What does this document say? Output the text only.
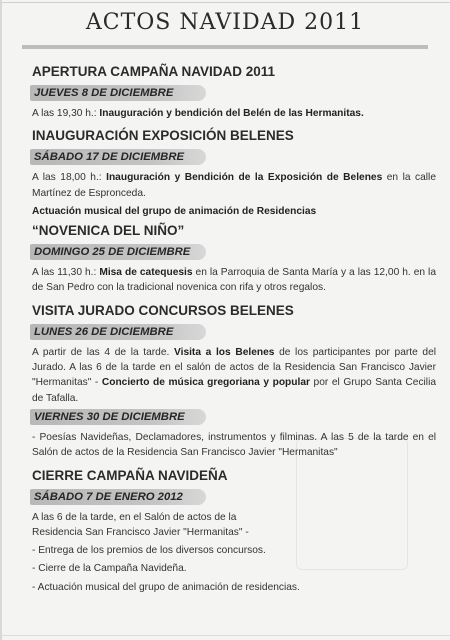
ACTOS NAVIDAD 2011
APERTURA CAMPAÑA NAVIDAD 2011
JUEVES 8 DE DICIEMBRE
A las 19,30 h.: Inauguración y bendición del Belén de las Hermanitas.
INAUGURACIÓN EXPOSICIÓN BELENES
SÁBADO 17 DE DICIEMBRE
A las 18,00 h.: Inauguración y Bendición de la Exposición de Belenes en la calle Martínez de Espronceda.
Actuación musical del grupo de animación de Residencias
“NOVENICA DEL NIÑO”
DOMINGO 25 DE DICIEMBRE
A las 11,30 h.: Misa de catequesis en la Parroquia de Santa María y a las 12,00 h. en la de San Pedro con la tradicional novenica con rifa y otros regalos.
VISITA JURADO CONCURSOS BELENES
LUNES 26 DE DICIEMBRE
A partir de las 4 de la tarde. Visita a los Belenes de los participantes por parte del Jurado. A las 6 de la tarde en el salón de actos de la Residencia San Francisco Javier "Hermanitas" - Concierto de música gregoriana y popular por el Grupo Santa Cecilia de Tafalla.
VIERNES 30 DE DICIEMBRE
- Poesías Navideñas, Declamadores, instrumentos y filminas. A las 5 de la tarde en el Salón de actos de la Residencia San Francisco Javier "Hermanitas"
CIERRE CAMPAÑA NAVIDEÑA
SÁBADO 7 DE ENERO 2012
A las 6 de la tarde, en el Salón de actos de la Residencia San Francisco Javier "Hermanitas" -
- Entrega de los premios de los diversos concursos.
- Cierre de la Campaña Navideña.
- Actuación musical del grupo de animación de residencias.
